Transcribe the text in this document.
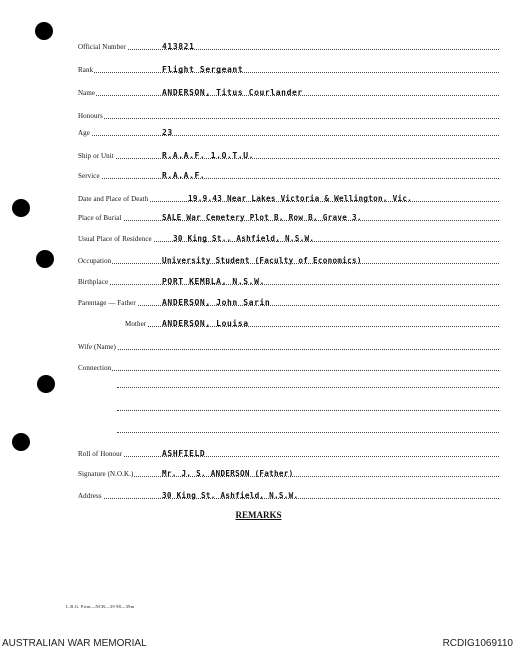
Official Number	413821
Rank	Flight Sergeant
Name	ANDERSON, Titus Courlander
Honours
Age	23
Ship or Unit	R.A.A.F. 1.O.T.U.
Service	R.A.A.F.
Date and Place of Death	19.9.43 Near Lakes Victoria & Wellington, Vic.
Place of Burial	SALE War Cemetery Plot B, Row B, Grave 3.
Usual Place of Residence	30 King St., Ashfield, N.S.W.
Occupation	University Student (Faculty of Economics)
Birthplace	PORT KEMBLA, N.S.W.
Parentage — Father	ANDERSON, John Sarin
Mother ANDERSON, Louisa
Wife (Name)
Connection
Roll of Honour	ASHFIELD
Signature (N.O.K.)	Mr. J. S. ANDERSON (Father)
Address	30 King St. Ashfield, N.S.W.
REMARKS
L.B.G. Print—NCB—39 98—39m
AUSTRALIAN WAR MEMORIAL	RCDIG1069110
